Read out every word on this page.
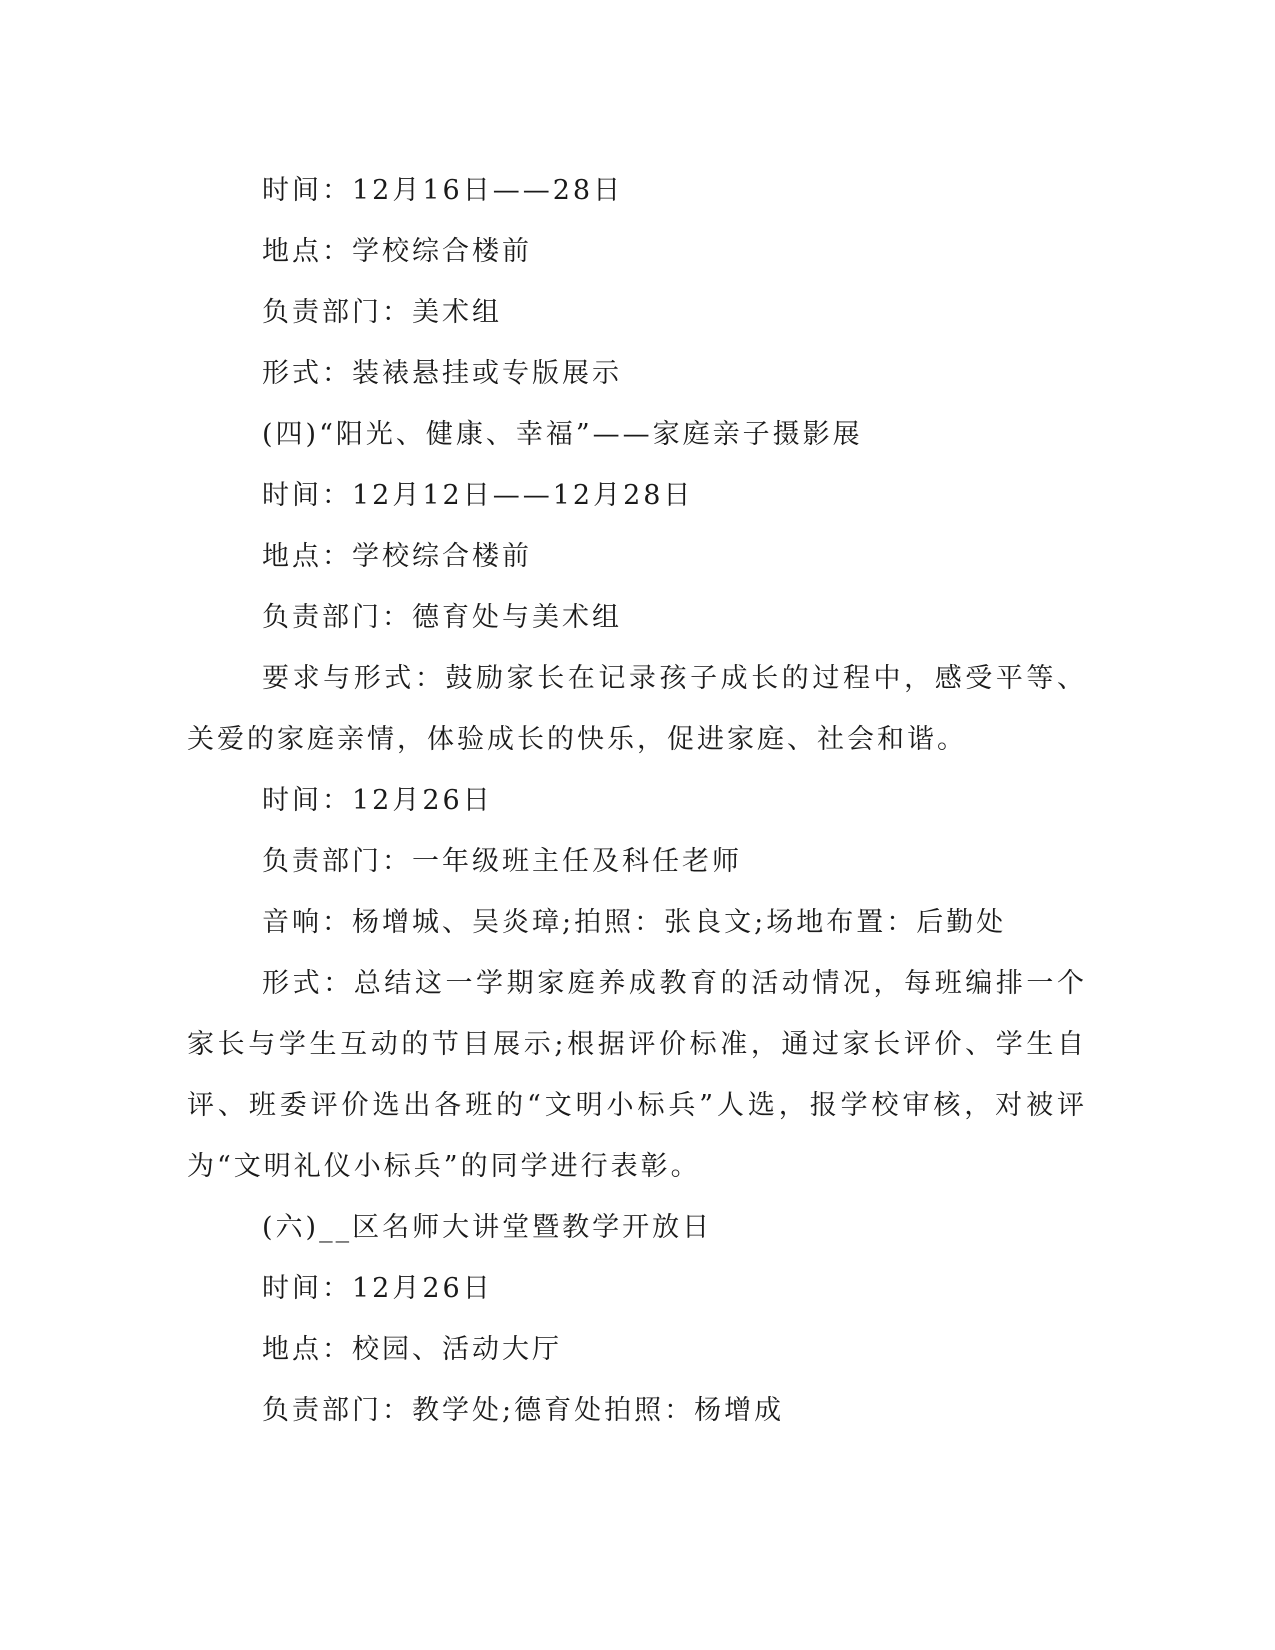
时间：12月16日——28日

地点：学校综合楼前

负责部门：美术组

形式：装裱悬挂或专版展示

(四)“阳光、健康、幸福”——家庭亲子摄影展

时间：12月12日——12月28日

地点：学校综合楼前

负责部门：德育处与美术组

要求与形式：鼓励家长在记录孩子成长的过程中，感受平等、关爱的家庭亲情，体验成长的快乐，促进家庭、社会和谐。

时间：12月26日

负责部门：一年级班主任及科任老师

音响：杨增城、吴炎璋;拍照：张良文;场地布置：后勤处

形式：总结这一学期家庭养成教育的活动情况，每班编排一个家长与学生互动的节目展示;根据评价标准，通过家长评价、学生自评、班委评价选出各班的“文明小标兵”人选，报学校审核，对被评为“文明礼仪小标兵”的同学进行表彰。

(六)__区名师大讲堂暨教学开放日

时间：12月26日

地点：校园、活动大厅

负责部门：教学处;德育处拍照：杨增成
